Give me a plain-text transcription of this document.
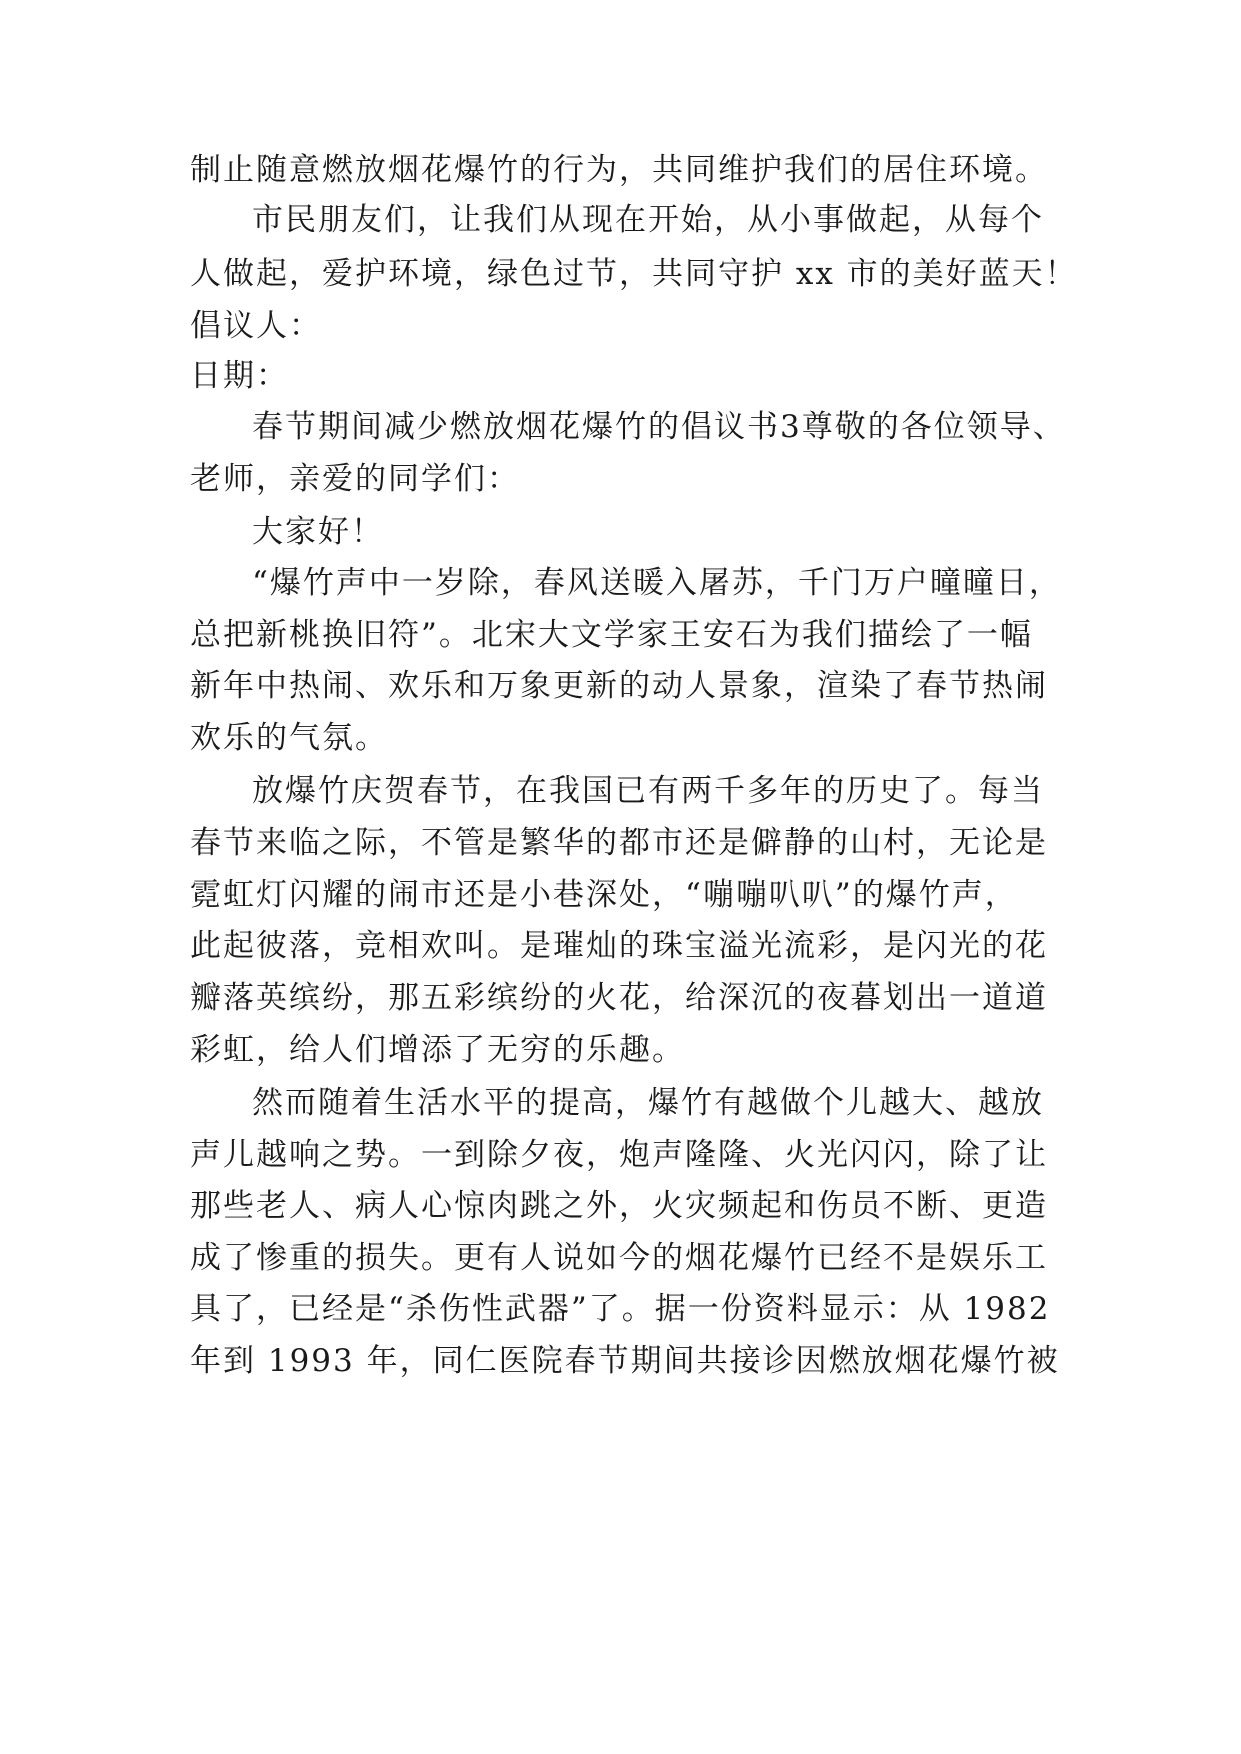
制止随意燃放烟花爆竹的行为，共同维护我们的居住环境。
市民朋友们，让我们从现在开始，从小事做起，从每个
人做起，爱护环境，绿色过节，共同守护 xx 市的美好蓝天！
倡议人：
日期：
春节期间减少燃放烟花爆竹的倡议书3尊敬的各位领导、
老师，亲爱的同学们：
大家好！
“爆竹声中一岁除，春风送暖入屠苏，千门万户曈曈日，
总把新桃换旧符”。北宋大文学家王安石为我们描绘了一幅
新年中热闹、欢乐和万象更新的动人景象，渲染了春节热闹
欢乐的气氛。
放爆竹庆贺春节，在我国已有两千多年的历史了。每当
春节来临之际，不管是繁华的都市还是僻静的山村，无论是
霓虹灯闪耀的闹市还是小巷深处，“嘣嘣叭叭”的爆竹声，
此起彼落，竞相欢叫。是璀灿的珠宝溢光流彩，是闪光的花
瓣落英缤纷，那五彩缤纷的火花，给深沉的夜暮划出一道道
彩虹，给人们增添了无穷的乐趣。
然而随着生活水平的提高，爆竹有越做个儿越大、越放
声儿越响之势。一到除夕夜，炮声隆隆、火光闪闪，除了让
那些老人、病人心惊肉跳之外，火灾频起和伤员不断、更造
成了惨重的损失。更有人说如今的烟花爆竹已经不是娱乐工
具了，已经是“杀伤性武器”了。据一份资料显示：从 1982
年到 1993 年，同仁医院春节期间共接诊因燃放烟花爆竹被
